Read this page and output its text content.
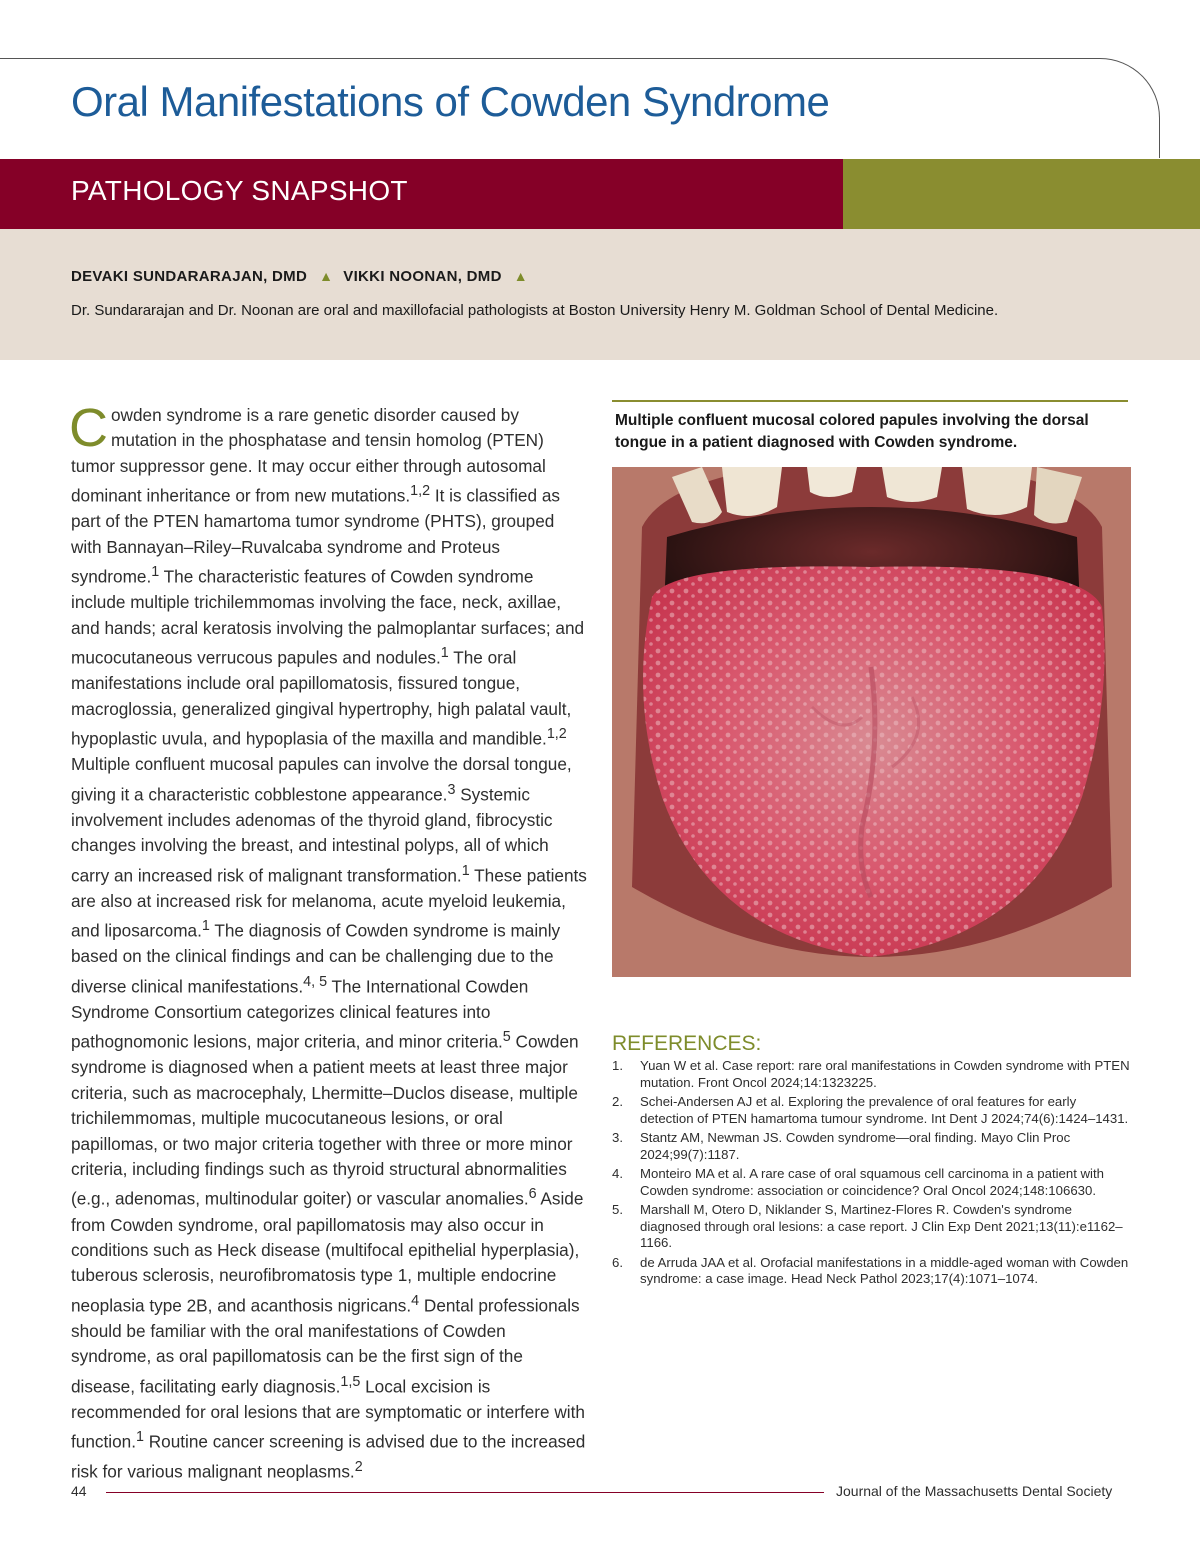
Oral Manifestations of Cowden Syndrome
PATHOLOGY SNAPSHOT
DEVAKI SUNDARARAJAN, DMD ▲ VIKKI NOONAN, DMD ▲
Dr. Sundararajan and Dr. Noonan are oral and maxillofacial pathologists at Boston University Henry M. Goldman School of Dental Medicine.

Cowden syndrome is a rare genetic disorder caused by mutation in the phosphatase and tensin homolog (PTEN) tumor suppressor gene. It may occur either through autosomal dominant inheritance or from new mutations.$^{1,2}$ It is classified as part of the PTEN hamartoma tumor syndrome (PHTS), grouped with Bannayan–Riley–Ruvalcaba syndrome and Proteus syndrome.$^1$ The characteristic features of Cowden syndrome include multiple trichilemmomas involving the face, neck, axillae, and hands; acral keratosis involving the palmoplantar surfaces; and mucocutaneous verrucous papules and nodules.$^1$ The oral manifestations include oral papillomatosis, fissured tongue, macroglossia, generalized gingival hypertrophy, high palatal vault, hypoplastic uvula, and hypoplasia of the maxilla and mandible.$^{1,2}$ Multiple confluent mucosal papules can involve the dorsal tongue, giving it a characteristic cobblestone appearance.$^3$ Systemic involvement includes adenomas of the thyroid gland, fibrocystic changes involving the breast, and intestinal polyps, all of which carry an increased risk of malignant transformation.$^1$ These patients are also at increased risk for melanoma, acute myeloid leukemia, and liposarcoma.$^1$ The diagnosis of Cowden syndrome is mainly based on the clinical findings and can be challenging due to the diverse clinical manifestations.$^{4, 5}$ The International Cowden Syndrome Consortium categorizes clinical features into pathognomonic lesions, major criteria, and minor criteria.$^5$ Cowden syndrome is diagnosed when a patient meets at least three major criteria, such as macrocephaly, Lhermitte–Duclos disease, multiple trichilemmomas, multiple mucocutaneous lesions, or oral papillomas, or two major criteria together with three or more minor criteria, including findings such as thyroid structural abnormalities (e.g., adenomas, multinodular goiter) or vascular anomalies.$^6$ Aside from Cowden syndrome, oral papillomatosis may also occur in conditions such as Heck disease (multifocal epithelial hyperplasia), tuberous sclerosis, neurofibromatosis type 1, multiple endocrine neoplasia type 2B, and acanthosis nigricans.$^4$ Dental professionals should be familiar with the oral manifestations of Cowden syndrome, as oral papillomatosis can be the first sign of the disease, facilitating early diagnosis.$^{1,5}$ Local excision is recommended for oral lesions that are symptomatic or interfere with function.$^1$ Routine cancer screening is advised due to the increased risk for various malignant neoplasms.$^2$

Multiple confluent mucosal colored papules involving the dorsal tongue in a patient diagnosed with Cowden syndrome.
REFERENCES:
1. Yuan W et al. Case report: rare oral manifestations in Cowden syndrome with PTEN mutation. Front Oncol 2024;14:1323225.
2. Schei-Andersen AJ et al. Exploring the prevalence of oral features for early detection of PTEN hamartoma tumour syndrome. Int Dent J 2024;74(6):1424–1431.
3. Stantz AM, Newman JS. Cowden syndrome—oral finding. Mayo Clin Proc 2024;99(7):1187.
4. Monteiro MA et al. A rare case of oral squamous cell carcinoma in a patient with Cowden syndrome: association or coincidence? Oral Oncol 2024;148:106630.
5. Marshall M, Otero D, Niklander S, Martinez-Flores R. Cowden's syndrome diagnosed through oral lesions: a case report. J Clin Exp Dent 2021;13(11):e1162–1166.
6. de Arruda JAA et al. Orofacial manifestations in a middle-aged woman with Cowden syndrome: a case image. Head Neck Pathol 2023;17(4):1071–1074.
44	Journal of the Massachusetts Dental Society
